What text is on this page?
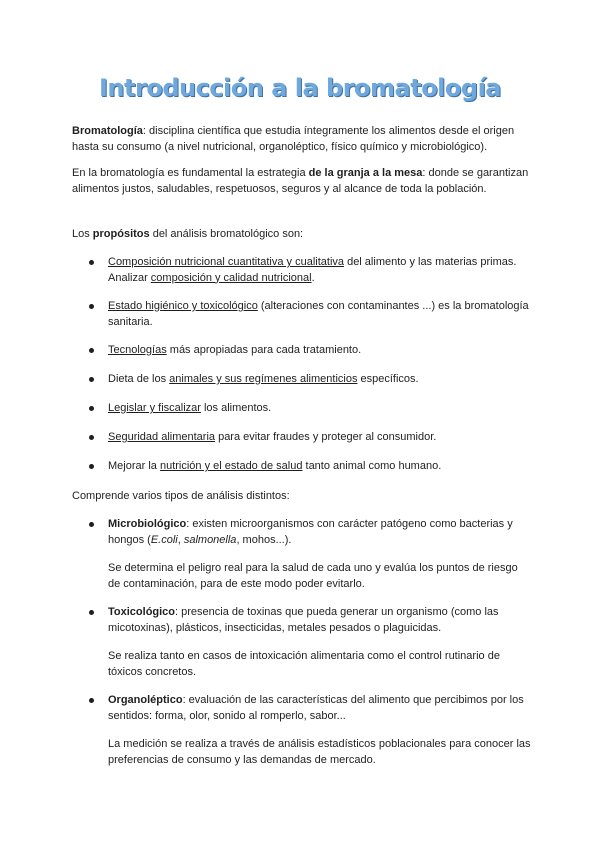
Introducción a la bromatología

Bromatología: disciplina científica que estudia íntegramente los alimentos desde el origen hasta su consumo (a nivel nutricional, organoléptico, físico químico y microbiológico).

En la bromatología es fundamental la estrategia de la granja a la mesa: donde se garantizan alimentos justos, saludables, respetuosos, seguros y al alcance de toda la población.

Los propósitos del análisis bromatológico son:

Composición nutricional cuantitativa y cualitativa del alimento y las materias primas. Analizar composición y calidad nutricional.
Estado higiénico y toxicológico (alteraciones con contaminantes ...) es la bromatología sanitaria.
Tecnologías más apropiadas para cada tratamiento.
Dieta de los animales y sus regímenes alimenticios específicos.
Legislar y fiscalizar los alimentos.
Seguridad alimentaria para evitar fraudes y proteger al consumidor.
Mejorar la nutrición y el estado de salud tanto animal como humano.

Comprende varios tipos de análisis distintos:

Microbiológico: existen microorganismos con carácter patógeno como bacterias y hongos (E.coli, salmonella, mohos...).

Se determina el peligro real para la salud de cada uno y evalúa los puntos de riesgo de contaminación, para de este modo poder evitarlo.

Toxicológico: presencia de toxinas que pueda generar un organismo (como las micotoxinas), plásticos, insecticidas, metales pesados o plaguicidas.

Se realiza tanto en casos de intoxicación alimentaria como el control rutinario de tóxicos concretos.

Organoléptico: evaluación de las características del alimento que percibimos por los sentidos: forma, olor, sonido al romperlo, sabor...

La medición se realiza a través de análisis estadísticos poblacionales para conocer las preferencias de consumo y las demandas de mercado.
